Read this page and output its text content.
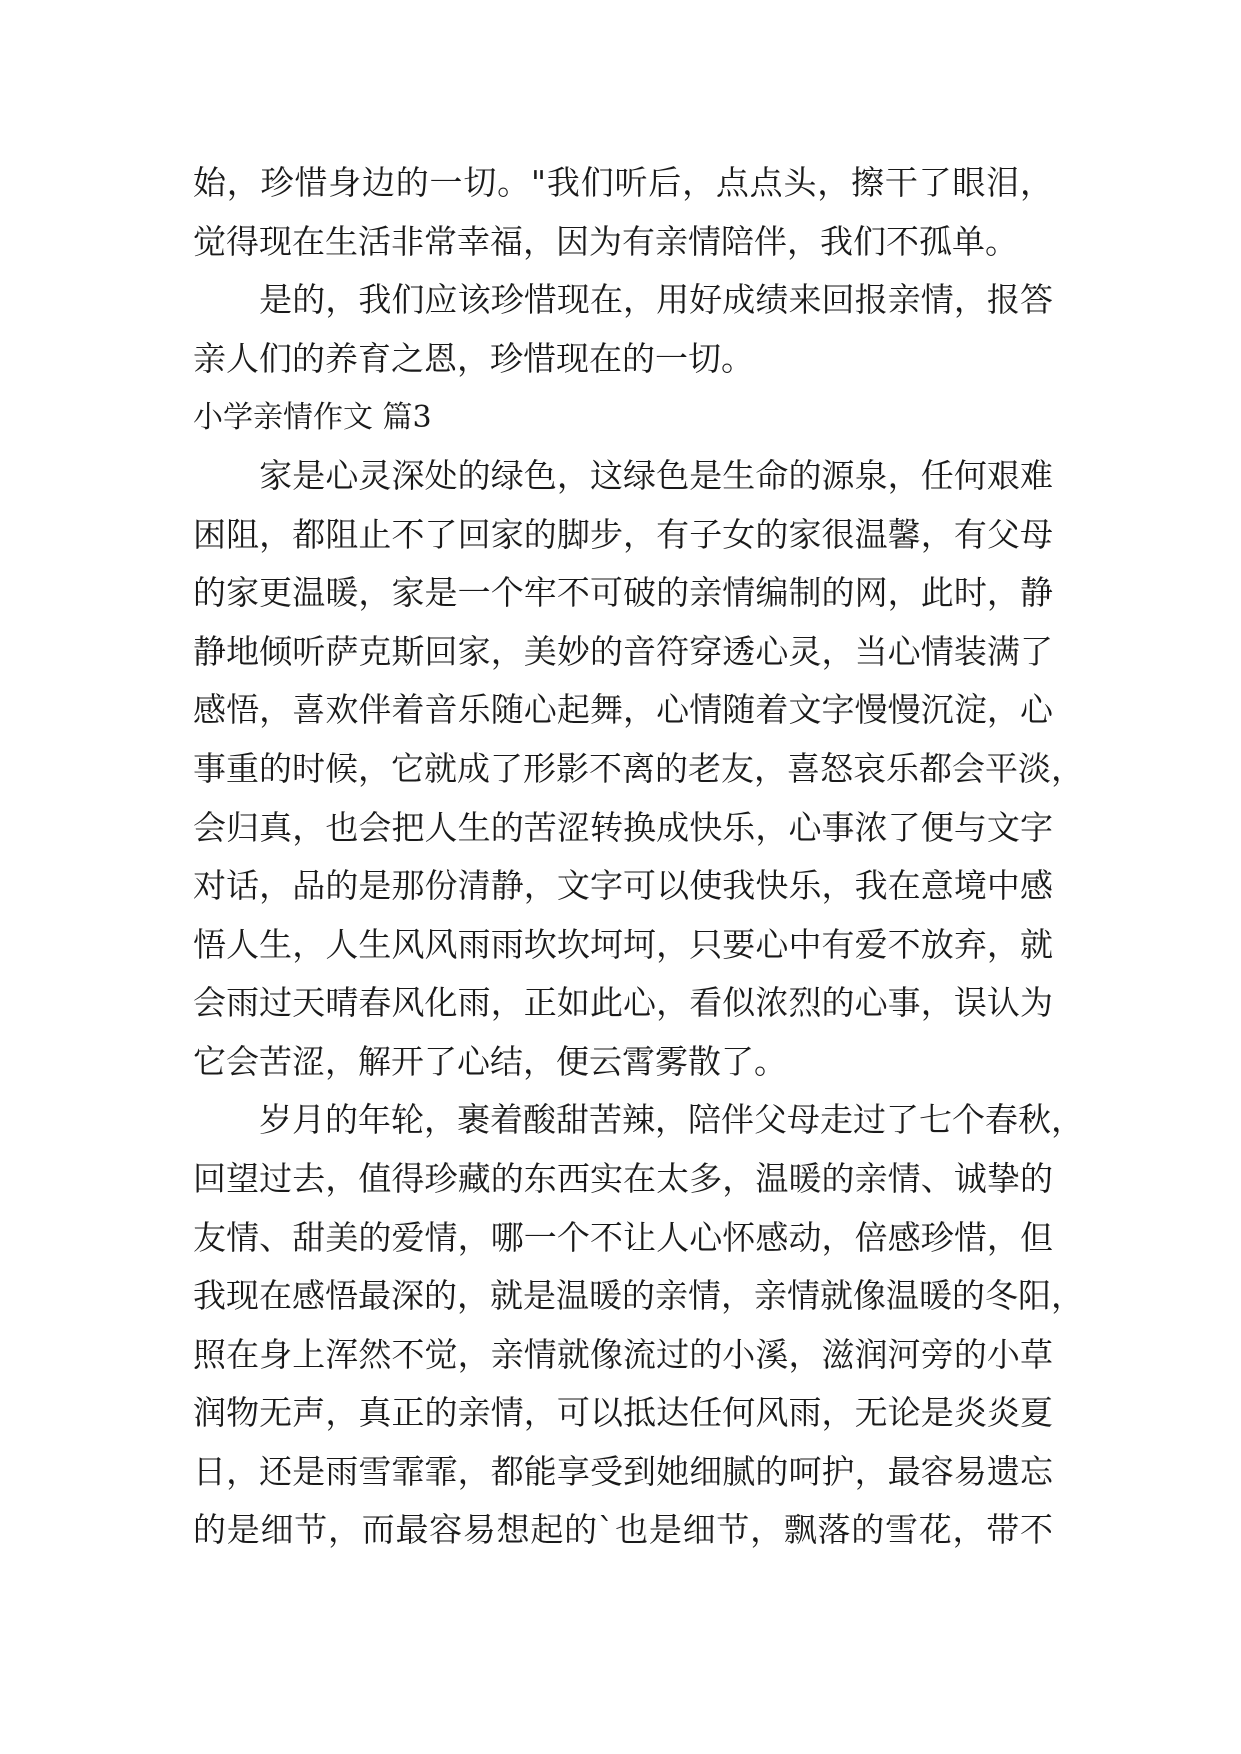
始，珍惜身边的一切。"我们听后，点点头，擦干了眼泪，
觉得现在生活非常幸福，因为有亲情陪伴，我们不孤单。
　　是的，我们应该珍惜现在，用好成绩来回报亲情，报答
亲人们的养育之恩，珍惜现在的一切。
小学亲情作文 篇3
　　家是心灵深处的绿色，这绿色是生命的源泉，任何艰难
困阻，都阻止不了回家的脚步，有子女的家很温馨，有父母
的家更温暖，家是一个牢不可破的亲情编制的网，此时，静
静地倾听萨克斯回家，美妙的音符穿透心灵，当心情装满了
感悟，喜欢伴着音乐随心起舞，心情随着文字慢慢沉淀，心
事重的时候，它就成了形影不离的老友，喜怒哀乐都会平淡，
会归真，也会把人生的苦涩转换成快乐，心事浓了便与文字
对话，品的是那份清静，文字可以使我快乐，我在意境中感
悟人生，人生风风雨雨坎坎坷坷，只要心中有爱不放弃，就
会雨过天晴春风化雨，正如此心，看似浓烈的心事，误认为
它会苦涩，解开了心结，便云霄雾散了。
　　岁月的年轮，裹着酸甜苦辣，陪伴父母走过了七个春秋，
回望过去，值得珍藏的东西实在太多，温暖的亲情、诚挚的
友情、甜美的爱情，哪一个不让人心怀感动，倍感珍惜，但
我现在感悟最深的，就是温暖的亲情，亲情就像温暖的冬阳，
照在身上浑然不觉，亲情就像流过的小溪，滋润河旁的小草
润物无声，真正的亲情，可以抵达任何风雨，无论是炎炎夏
日，还是雨雪霏霏，都能享受到她细腻的呵护，最容易遗忘
的是细节，而最容易想起的`也是细节，飘落的雪花，带不
